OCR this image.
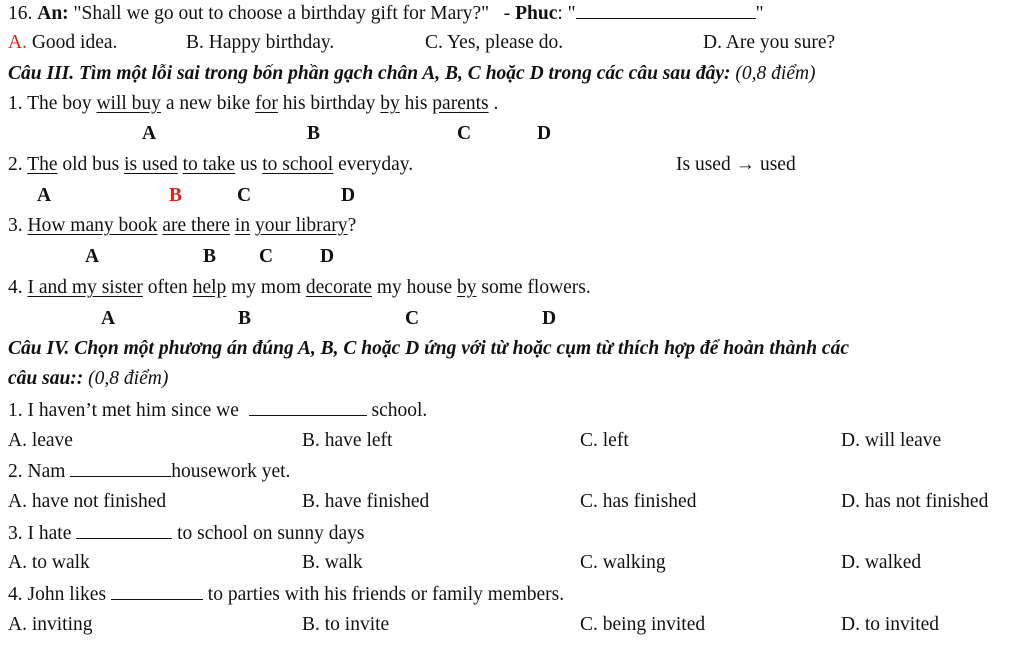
16. An: "Shall we go out to choose a birthday gift for Mary?" - Phuc: "	"
A. Good idea.	B. Happy birthday.	C. Yes, please do.	D. Are you sure?
Câu III. Tìm một lỗi sai trong bốn phần gạch chân A, B, C hoặc D trong các câu sau đây: (0,8 điểm)
1. The boy will buy a new bike for his birthday by his parents .
A	B	C	D
2. The old bus is used to take us to school everyday.	Is used → used
A	B	C	D
3. How many book are there in your library?
A	B C D
4. I and my sister often help my mom decorate my house by some flowers.
A	B	C	D
Câu IV. Chọn một phương án đúng A, B, C hoặc D ứng với từ hoặc cụm từ thích hợp để hoàn thành các
câu sau:: (0,8 điểm)
1. I haven’t met him since we	school.
A. leave	B. have left	C. left	D. will leave
2. Nam	housework yet.
A. have not finished	B. have finished	C. has finished	D. has not finished
3. I hate	to school on sunny days
A. to walk	B. walk	C. walking	D. walked
4. John likes	to parties with his friends or family members.
A. inviting	B. to invite	C. being invited	D. to invited
